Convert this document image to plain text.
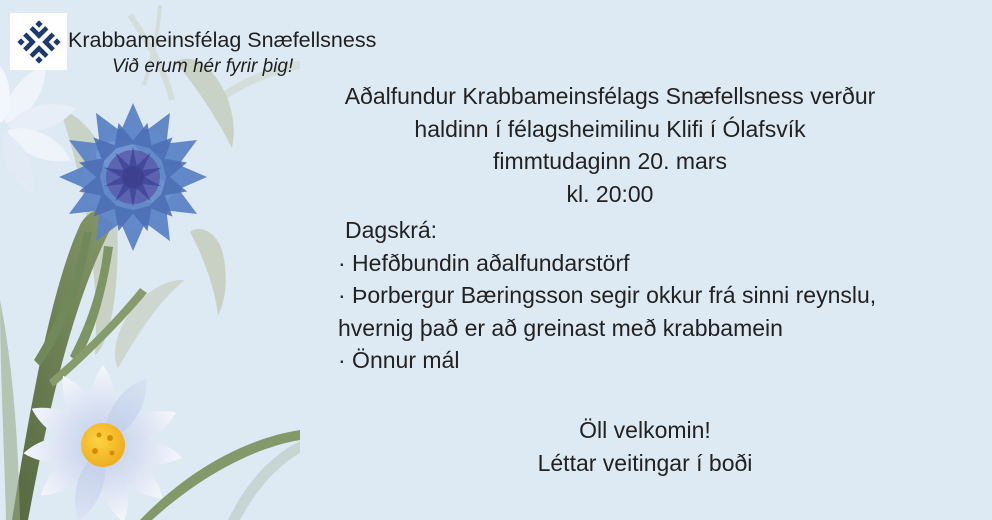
Krabbameinsfélag Snæfellsness
Við erum hér fyrir þig!
Aðalfundur Krabbameinsfélags Snæfellsness verður
haldinn í félagsheimilinu Klifi í Ólafsvík
fimmtudaginn 20. mars
kl. 20:00
Dagskrá:
· Hefðbundin aðalfundarstörf
· Þorbergur Bæringsson segir okkur frá sinni reynslu,
hvernig það er að greinast með krabbamein
· Önnur mál
Öll velkomin!
Léttar veitingar í boði
